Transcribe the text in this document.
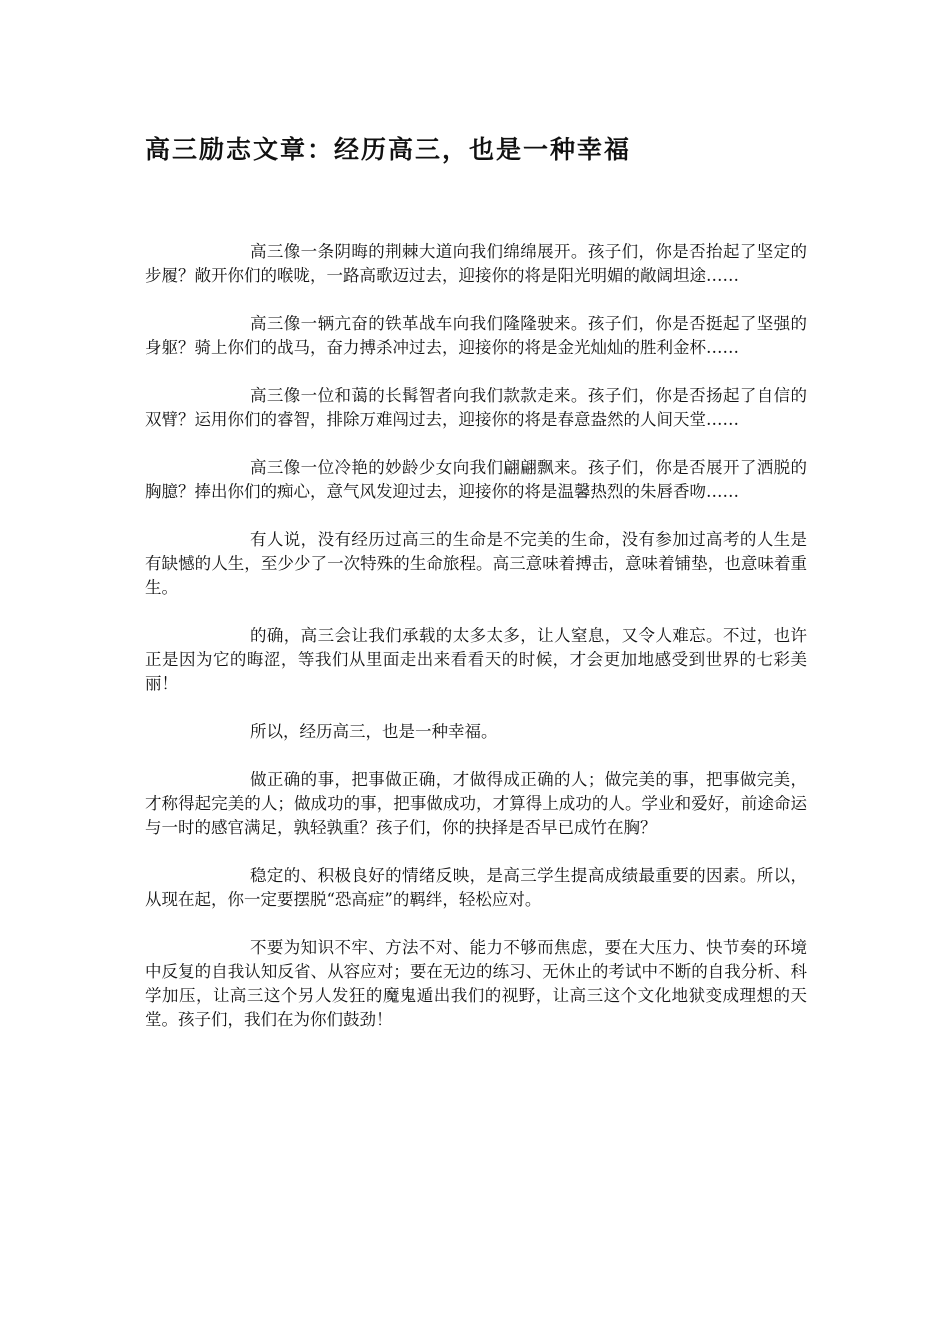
高三励志文章：经历高三，也是一种幸福

高三像一条阴晦的荆棘大道向我们绵绵展开。孩子们，你是否抬起了坚定的步履？敞开你们的喉咙，一路高歌迈过去，迎接你的将是阳光明媚的敞阔坦途……

高三像一辆亢奋的铁革战车向我们隆隆驶来。孩子们，你是否挺起了坚强的身躯？骑上你们的战马，奋力搏杀冲过去，迎接你的将是金光灿灿的胜利金杯……

高三像一位和蔼的长髯智者向我们款款走来。孩子们，你是否扬起了自信的双臂？运用你们的睿智，排除万难闯过去，迎接你的将是春意盎然的人间天堂……

高三像一位冷艳的妙龄少女向我们翩翩飘来。孩子们，你是否展开了洒脱的胸臆？捧出你们的痴心，意气风发迎过去，迎接你的将是温馨热烈的朱唇香吻……

有人说，没有经历过高三的生命是不完美的生命，没有参加过高考的人生是有缺憾的人生，至少少了一次特殊的生命旅程。高三意味着搏击，意味着铺垫，也意味着重生。

的确，高三会让我们承载的太多太多，让人窒息，又令人难忘。不过，也许正是因为它的晦涩，等我们从里面走出来看看天的时候，才会更加地感受到世界的七彩美丽！

所以，经历高三，也是一种幸福。

做正确的事，把事做正确，才做得成正确的人；做完美的事，把事做完美，才称得起完美的人；做成功的事，把事做成功，才算得上成功的人。学业和爱好，前途命运与一时的感官满足，孰轻孰重？孩子们，你的抉择是否早已成竹在胸？

稳定的、积极良好的情绪反映，是高三学生提高成绩最重要的因素。所以，从现在起，你一定要摆脱“恐高症”的羁绊，轻松应对。

不要为知识不牢、方法不对、能力不够而焦虑，要在大压力、快节奏的环境中反复的自我认知反省、从容应对；要在无边的练习、无休止的考试中不断的自我分析、科学加压，让高三这个另人发狂的魔鬼遁出我们的视野，让高三这个文化地狱变成理想的天堂。孩子们，我们在为你们鼓劲！
